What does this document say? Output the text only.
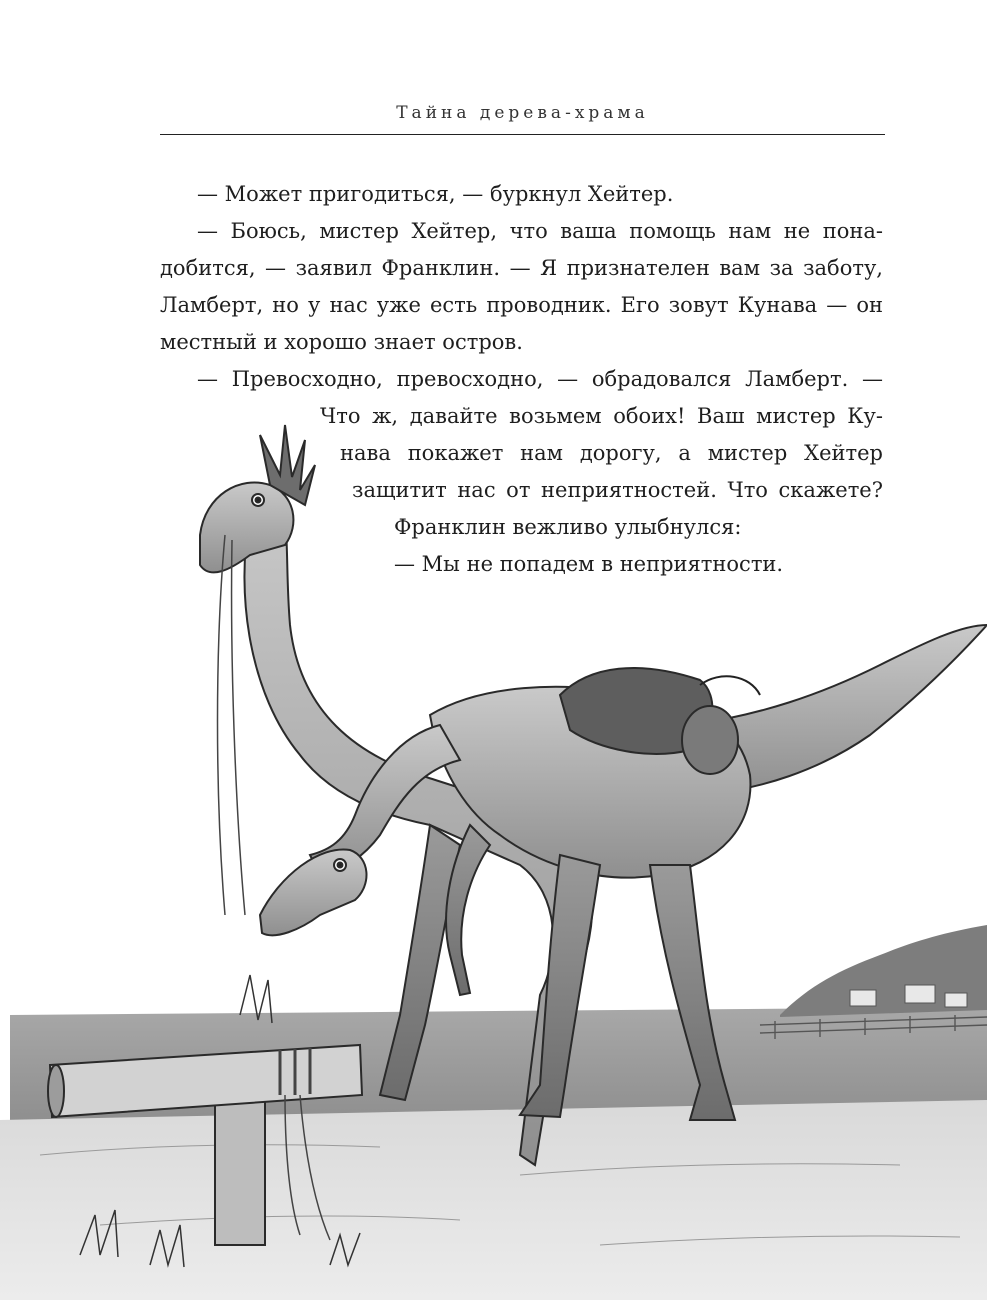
Тайна дерева-храма
— Может пригодиться, — буркнул Хейтер.
— Боюсь, мистер Хейтер, что ваша помощь нам не пона-
добится, — заявил Франклин. — Я признателен вам за заботу,
Ламберт, но у нас уже есть проводник. Его зовут Кунава — он
местный и хорошо знает остров.
— Превосходно, превосходно, — обрадовался Ламберт. —
Что ж, давайте возьмем обоих! Ваш мистер Ку-
нава покажет нам дорогу, а мистер Хейтер
защитит нас от неприятностей. Что скажете?
Франклин вежливо улыбнулся:
— Мы не попадем в неприятности.
